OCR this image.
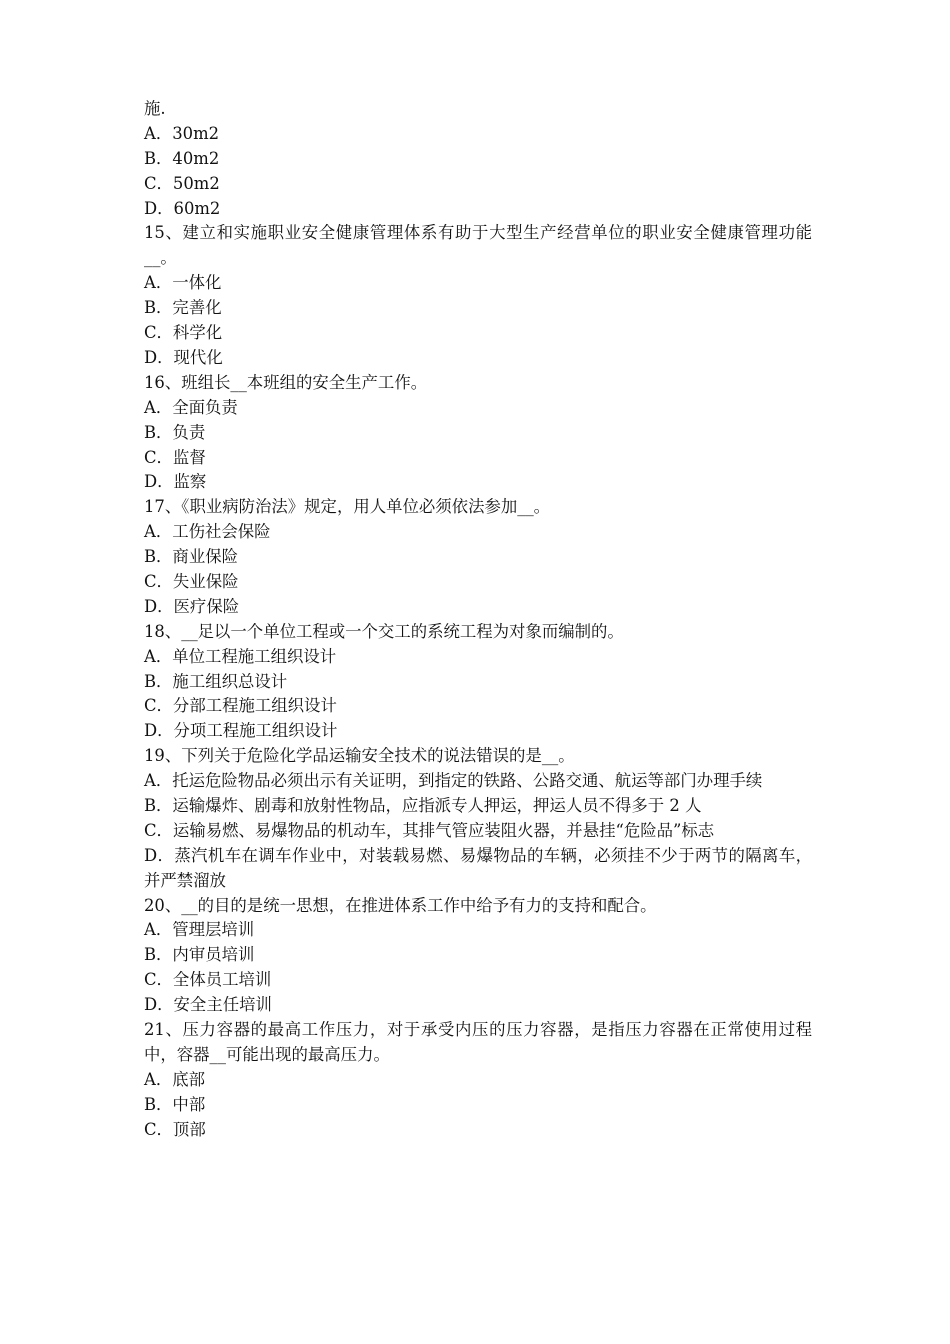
施.
A．30m2
B．40m2
C．50m2
D．60m2
15、建立和实施职业安全健康管理体系有助于大型生产经营单位的职业安全健康管理功能__。
A．一体化
B．完善化
C．科学化
D．现代化
16、班组长__本班组的安全生产工作。
A．全面负责
B．负责
C．监督
D．监察
17、《职业病防治法》规定，用人单位必须依法参加__。
A．工伤社会保险
B．商业保险
C．失业保险
D．医疗保险
18、__足以一个单位工程或一个交工的系统工程为对象而编制的。
A．单位工程施工组织设计
B．施工组织总设计
C．分部工程施工组织设计
D．分项工程施工组织设计
19、下列关于危险化学品运输安全技术的说法错误的是__。
A．托运危险物品必须出示有关证明，到指定的铁路、公路交通、航运等部门办理手续
B．运输爆炸、剧毒和放射性物品，应指派专人押运，押运人员不得多于 2 人
C．运输易燃、易爆物品的机动车，其排气管应装阻火器，并悬挂“危险品”标志
D．蒸汽机车在调车作业中，对装载易燃、易爆物品的车辆，必须挂不少于两节的隔离车，并严禁溜放
20、__的目的是统一思想，在推进体系工作中给予有力的支持和配合。
A．管理层培训
B．内审员培训
C．全体员工培训
D．安全主任培训
21、压力容器的最高工作压力，对于承受内压的压力容器，是指压力容器在正常使用过程中，容器__可能出现的最高压力。
A．底部
B．中部
C．顶部
